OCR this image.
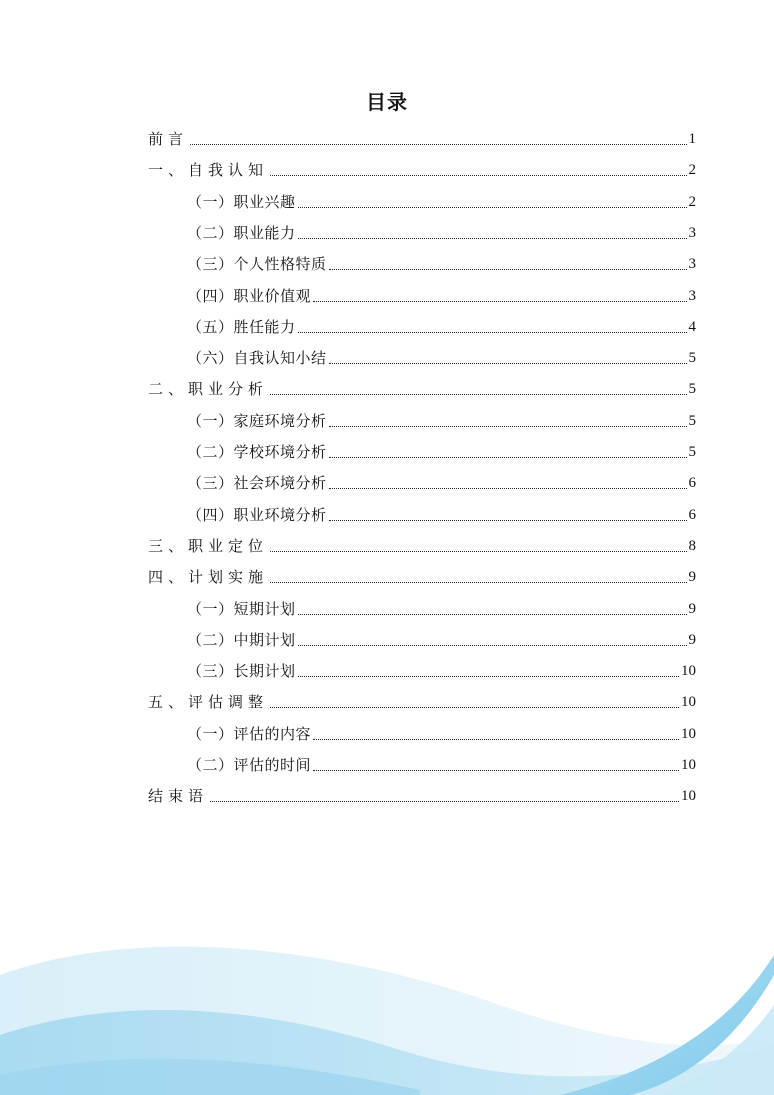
目录
前言	1
一、自我认知	2
（一）职业兴趣	2
（二）职业能力	3
（三）个人性格特质	3
（四）职业价值观	3
（五）胜任能力	4
（六）自我认知小结	5
二、职业分析	5
（一）家庭环境分析	5
（二）学校环境分析	5
（三）社会环境分析	6
（四）职业环境分析	6
三、职业定位	8
四、计划实施	9
（一）短期计划	9
（二）中期计划	9
（三）长期计划	10
五、评估调整	10
（一）评估的内容	10
（二）评估的时间	10
结束语	10
